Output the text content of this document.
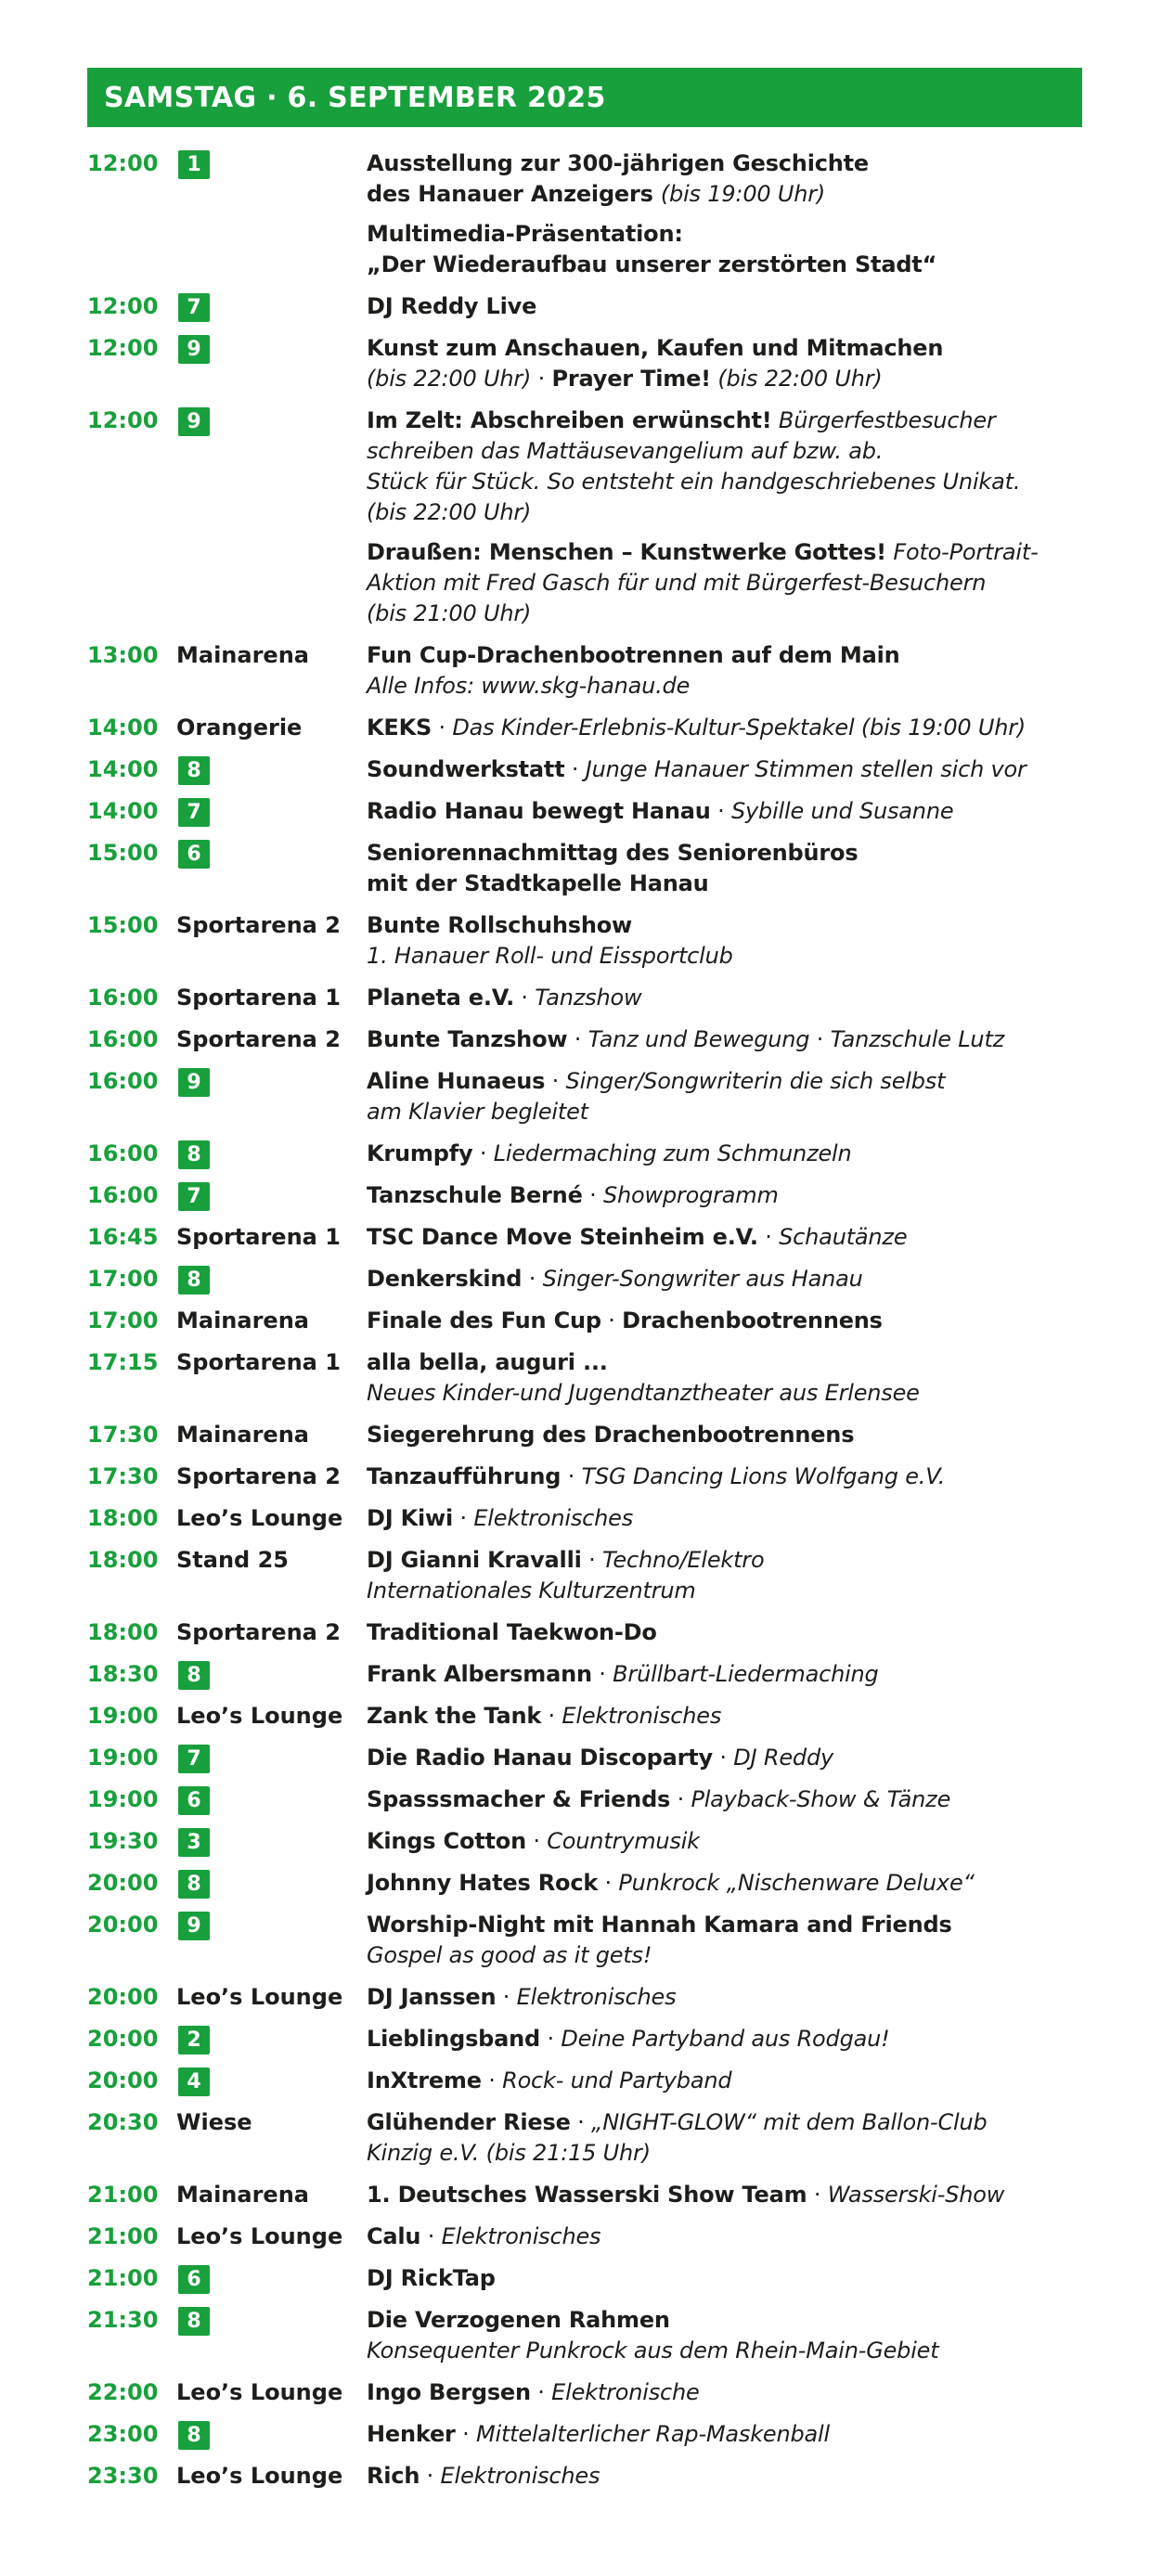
SAMSTAG · 6. SEPTEMBER 2025
12:00	1	Ausstellung zur 300-jährigen Geschichte
des Hanauer Anzeigers (bis 19:00 Uhr)
Multimedia-Präsentation:
„Der Wiederaufbau unserer zerstörten Stadt“
12:00	7	DJ Reddy Live
12:00	9	Kunst zum Anschauen, Kaufen und Mitmachen
(bis 22:00 Uhr) · Prayer Time! (bis 22:00 Uhr)
12:00	9	Im Zelt: Abschreiben erwünscht! Bürgerfestbesucher
schreiben das Mattäusevangelium auf bzw. ab.
Stück für Stück. So entsteht ein handgeschriebenes Unikat.
(bis 22:00 Uhr)
Draußen: Menschen – Kunstwerke Gottes! Foto-Portrait-
Aktion mit Fred Gasch für und mit Bürgerfest-Besuchern
(bis 21:00 Uhr)
13:00 Mainarena	Fun Cup-Drachenbootrennen auf dem Main
Alle Infos: www.skg-hanau.de
14:00 Orangerie	KEKS · Das Kinder-Erlebnis-Kultur-Spektakel (bis 19:00 Uhr)
14:00	8	Soundwerkstatt · Junge Hanauer Stimmen stellen sich vor
14:00	7	Radio Hanau bewegt Hanau · Sybille und Susanne
15:00	6	Seniorennachmittag des Seniorenbüros
mit der Stadtkapelle Hanau
15:00 Sportarena 2	Bunte Rollschuhshow
1. Hanauer Roll- und Eissportclub
16:00 Sportarena 1	Planeta e.V. · Tanzshow
16:00 Sportarena 2	Bunte Tanzshow · Tanz und Bewegung · Tanzschule Lutz
16:00	9	Aline Hunaeus · Singer/Songwriterin die sich selbst
am Klavier begleitet
16:00	8	Krumpfy · Liedermaching zum Schmunzeln
16:00	7	Tanzschule Berné · Showprogramm
16:45 Sportarena 1	TSC Dance Move Steinheim e.V. · Schautänze
17:00	8	Denkerskind · Singer-Songwriter aus Hanau
17:00 Mainarena	Finale des Fun Cup · Drachenbootrennens
17:15 Sportarena 1	alla bella, auguri ...
Neues Kinder-und Jugendtanztheater aus Erlensee
17:30 Mainarena	Siegerehrung des Drachenbootrennens
17:30 Sportarena 2	Tanzaufführung · TSG Dancing Lions Wolfgang e.V.
18:00 Leo’s Lounge	DJ Kiwi · Elektronisches
18:00 Stand 25	DJ Gianni Kravalli · Techno/Elektro
Internationales Kulturzentrum
18:00 Sportarena 2	Traditional Taekwon-Do
18:30	8	Frank Albersmann · Brüllbart-Liedermaching
19:00 Leo’s Lounge	Zank the Tank · Elektronisches
19:00	7	Die Radio Hanau Discoparty · DJ Reddy
19:00	6	Spasssmacher & Friends · Playback-Show & Tänze
19:30	3	Kings Cotton · Countrymusik
20:00	8	Johnny Hates Rock · Punkrock „Nischenware Deluxe“
20:00	9	Worship-Night mit Hannah Kamara and Friends
Gospel as good as it gets!
20:00 Leo’s Lounge	DJ Janssen · Elektronisches
20:00	2	Lieblingsband · Deine Partyband aus Rodgau!
20:00	4	InXtreme · Rock- und Partyband
20:30 Wiese	Glühender Riese · „NIGHT-GLOW“ mit dem Ballon-Club
Kinzig e.V. (bis 21:15 Uhr)
21:00 Mainarena	1. Deutsches Wasserski Show Team · Wasserski-Show
21:00 Leo’s Lounge	Calu · Elektronisches
21:00	6	DJ RickTap
21:30	8	Die Verzogenen Rahmen
Konsequenter Punkrock aus dem Rhein-Main-Gebiet
22:00 Leo’s Lounge	Ingo Bergsen · Elektronische
23:00	8	Henker · Mittelalterlicher Rap-Maskenball
23:30 Leo’s Lounge	Rich · Elektronisches
